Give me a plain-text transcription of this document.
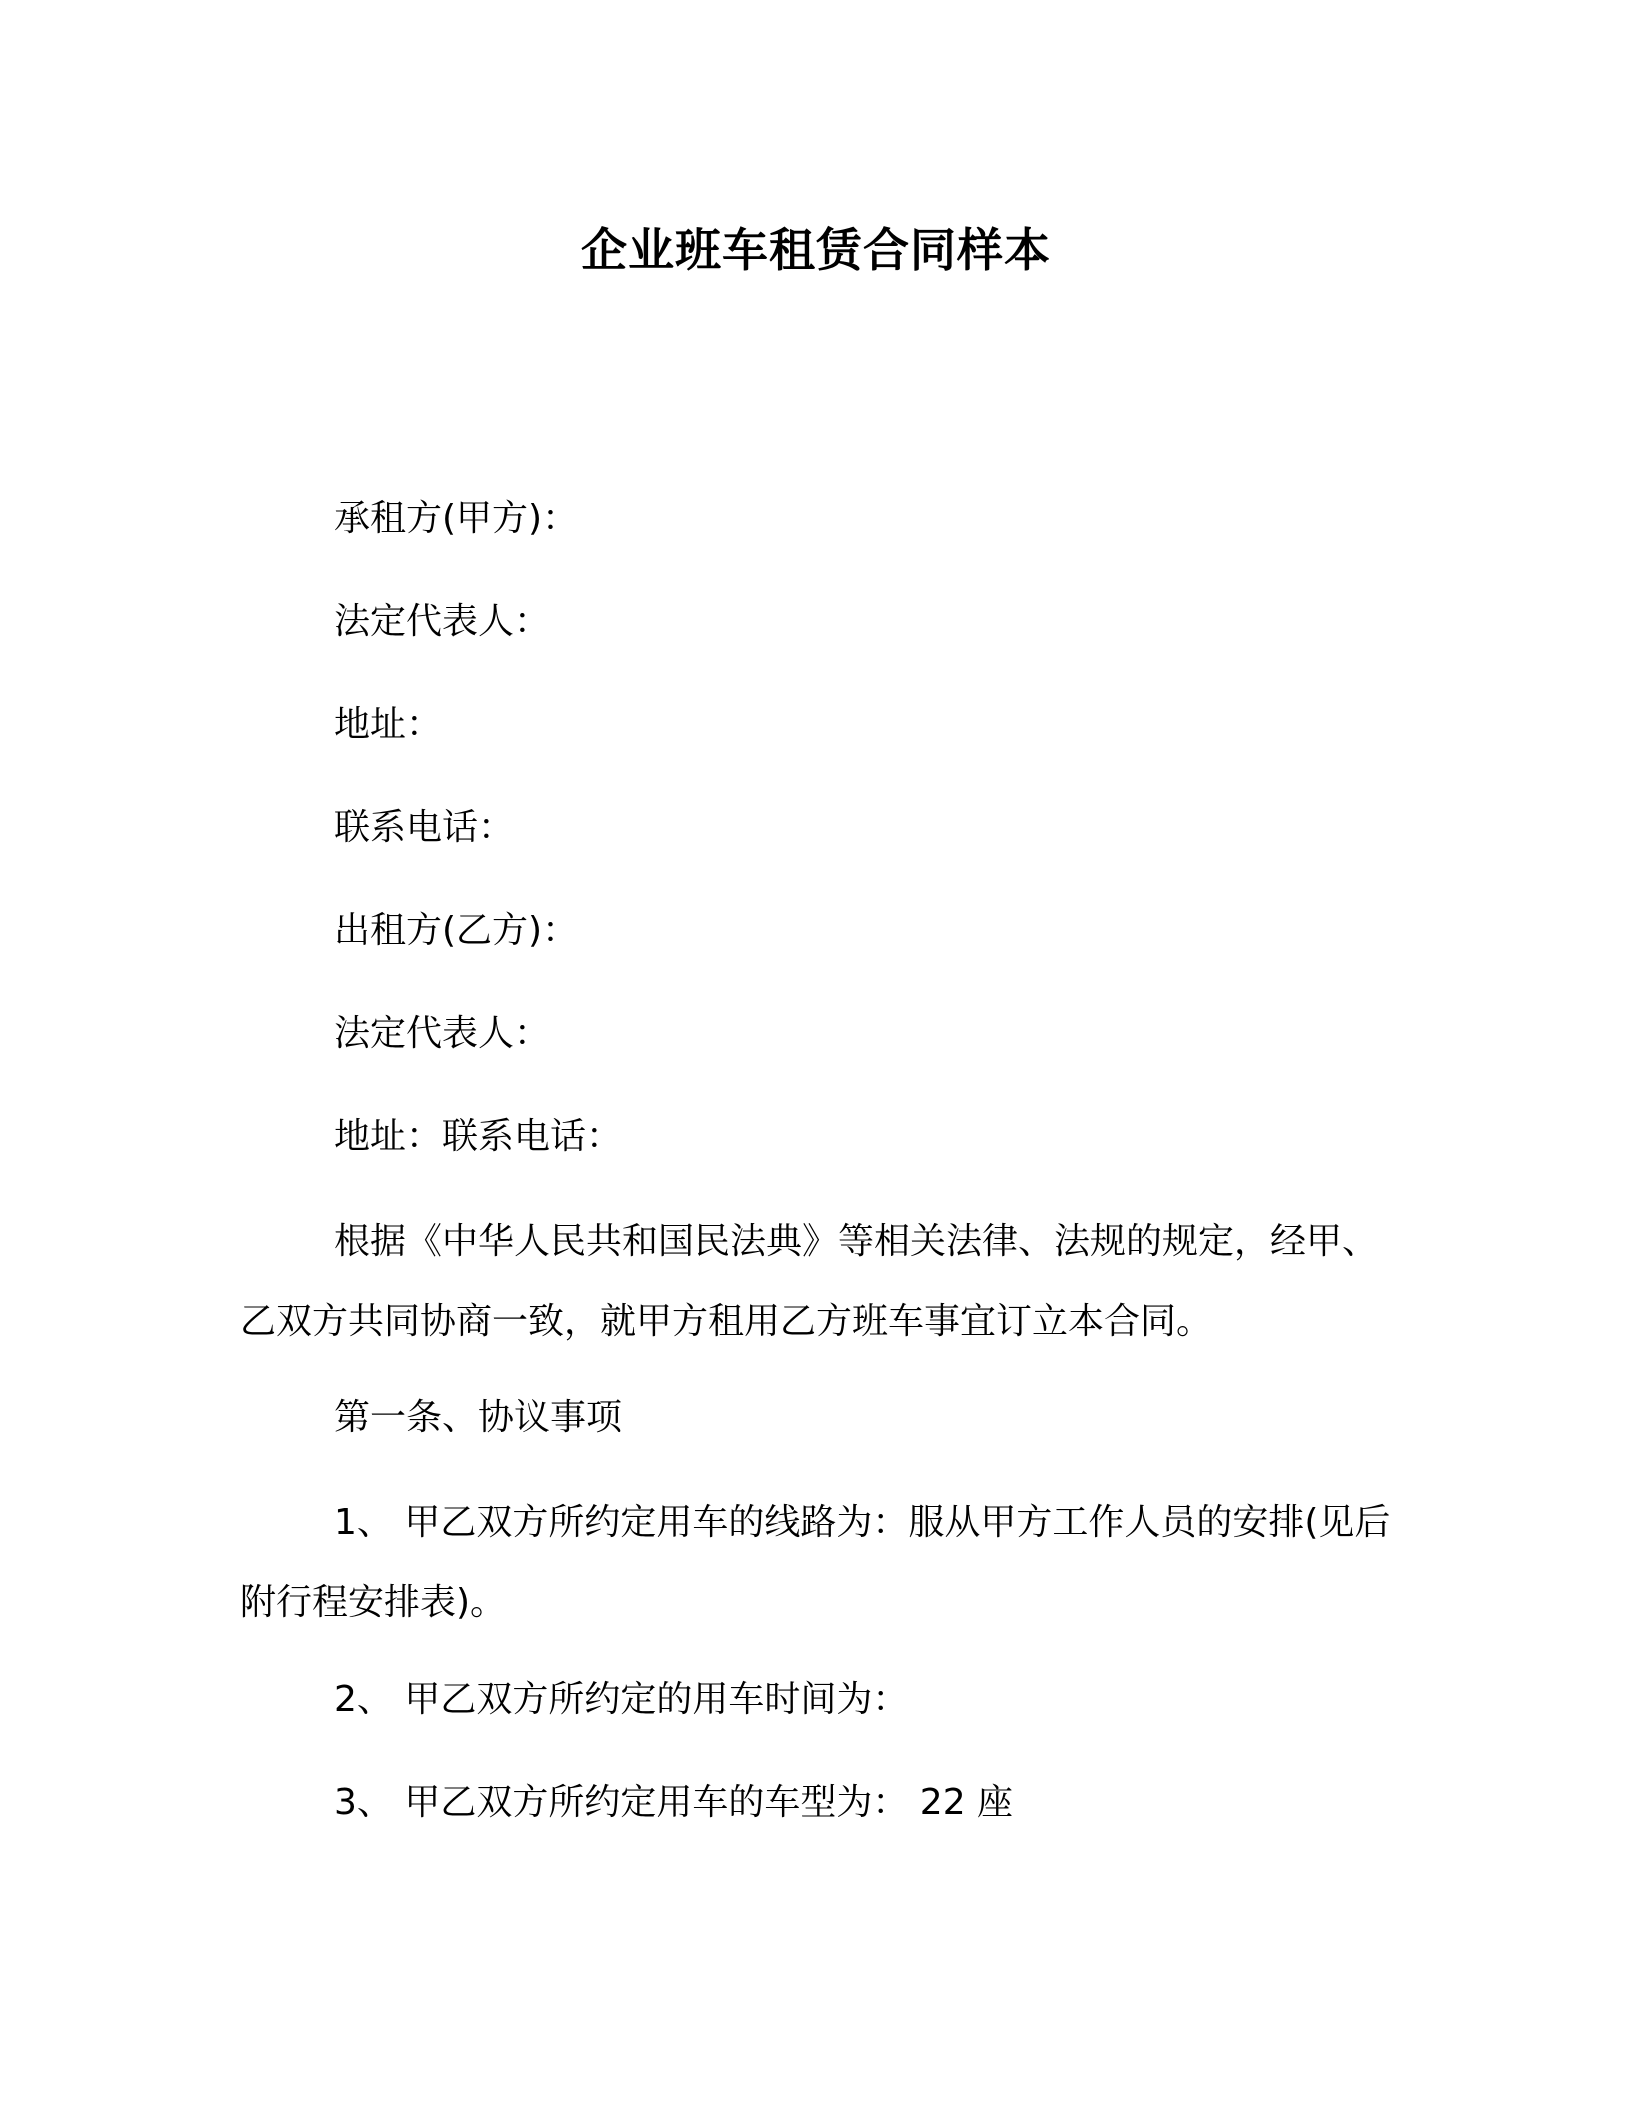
企业班车租赁合同样本
承租方(甲方)：
法定代表人：
地址：
联系电话：
出租方(乙方)：
法定代表人：
地址：联系电话：

根据《中华人民共和国民法典》等相关法律、法规的规定，经甲、乙双方共同协商一致，就甲方租用乙方班车事宜订立本合同。

第一条、协议事项

1、 甲乙双方所约定用车的线路为：服从甲方工作人员的安排(见后附行程安排表)。

2、 甲乙双方所约定的用车时间为：
3、 甲乙双方所约定用车的车型为： 22 座
